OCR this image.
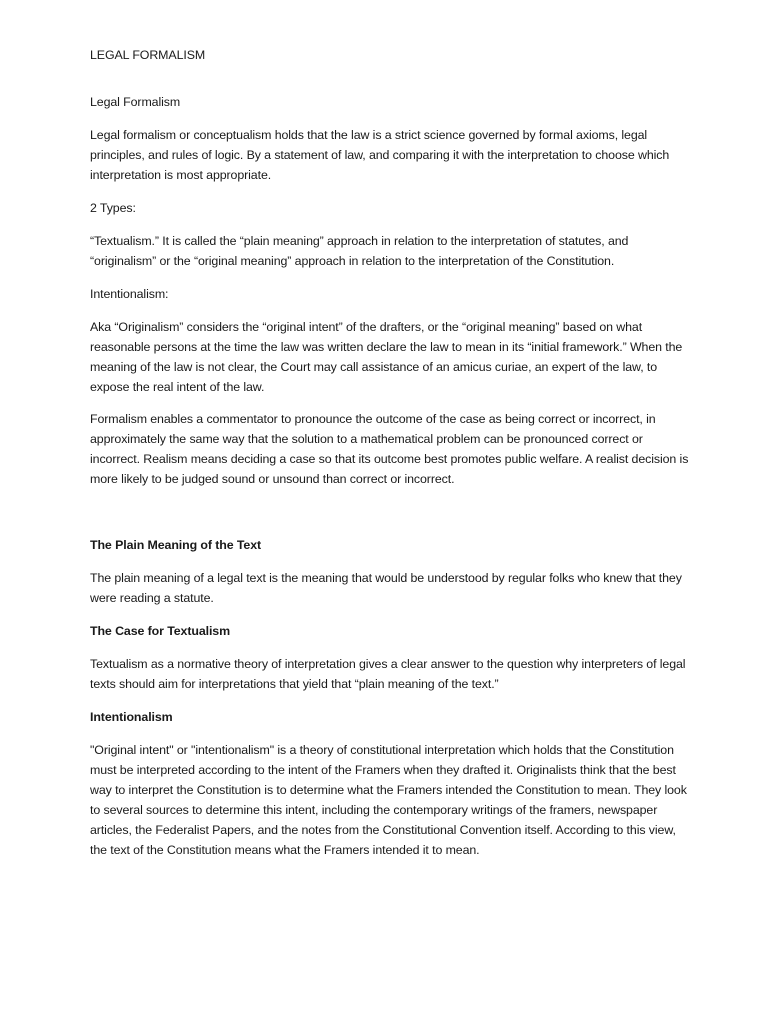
LEGAL FORMALISM

Legal Formalism

Legal formalism or conceptualism holds that the law is a strict science governed by formal axioms, legal principles, and rules of logic. By a statement of law, and comparing it with the interpretation to choose which interpretation is most appropriate.

2 Types:

“Textualism.” It is called the “plain meaning” approach in relation to the interpretation of statutes, and “originalism” or the “original meaning” approach in relation to the interpretation of the Constitution.

Intentionalism:

Aka “Originalism” considers the “original intent” of the drafters, or the “original meaning” based on what reasonable persons at the time the law was written declare the law to mean in its “initial framework.” When the meaning of the law is not clear, the Court may call assistance of an amicus curiae, an expert of the law, to expose the real intent of the law.

Formalism enables a commentator to pronounce the outcome of the case as being correct or incorrect, in approximately the same way that the solution to a mathematical problem can be pronounced correct or incorrect. Realism means deciding a case so that its outcome best promotes public welfare. A realist decision is more likely to be judged sound or unsound than correct or incorrect.

The Plain Meaning of the Text

The plain meaning of a legal text is the meaning that would be understood by regular folks who knew that they were reading a statute.

The Case for Textualism

Textualism as a normative theory of interpretation gives a clear answer to the question why interpreters of legal texts should aim for interpretations that yield that “plain meaning of the text.”

Intentionalism

"Original intent" or "intentionalism" is a theory of constitutional interpretation which holds that the Constitution must be interpreted according to the intent of the Framers when they drafted it. Originalists think that the best way to interpret the Constitution is to determine what the Framers intended the Constitution to mean. They look to several sources to determine this intent, including the contemporary writings of the framers, newspaper articles, the Federalist Papers, and the notes from the Constitutional Convention itself. According to this view, the text of the Constitution means what the Framers intended it to mean.
